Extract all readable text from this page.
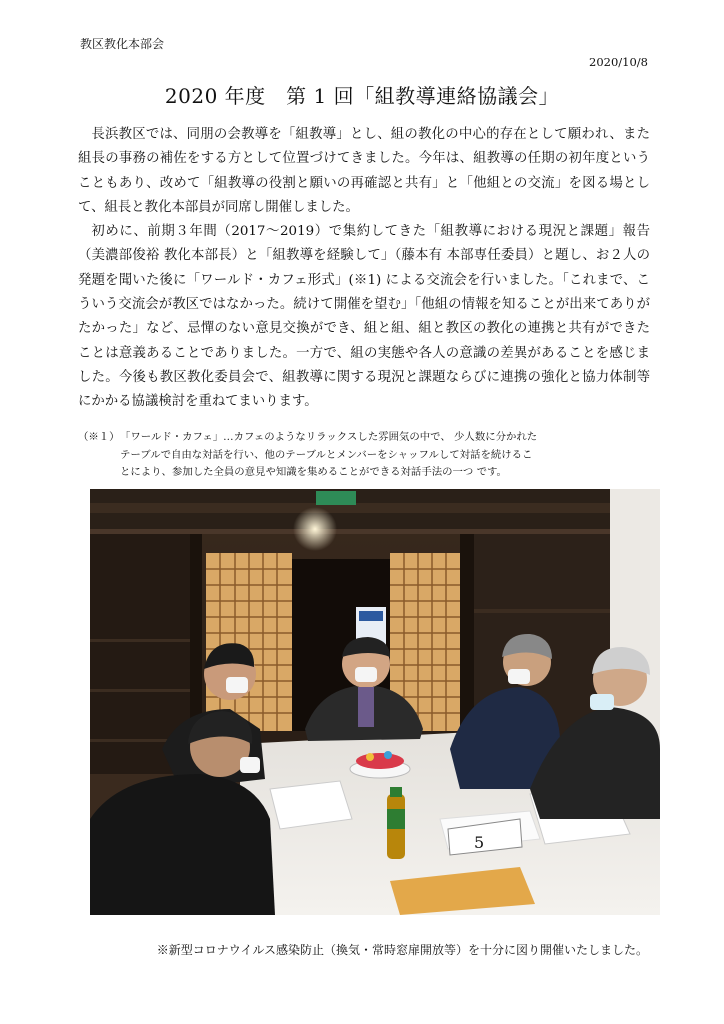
教区教化本部会
2020/10/8
2020 年度　第 1 回「組教導連絡協議会」

長浜教区では、同朋の会教導を「組教導」とし、組の教化の中心的存在として願われ、また組長の事務の補佐をする方として位置づけてきました。今年は、組教導の任期の初年度ということもあり、改めて「組教導の役割と願いの再確認と共有」と「他組との交流」を図る場として、組長と教化本部員が同席し開催しました。

初めに、前期３年間（2017〜2019）で集約してきた「組教導における現況と課題」報告（美濃部俊裕 教化本部長）と「組教導を経験して」（藤本有 本部専任委員）と題し、お２人の発題を聞いた後に「ワールド・カフェ形式」(※1) による交流会を行いました。「これまで、こういう交流会が教区ではなかった。続けて開催を望む」「他組の情報を知ることが出来てありがたかった」など、忌憚のない意見交換ができ、組と組、組と教区の教化の連携と共有ができたことは意義あることでありました。一方で、組の実態や各人の意識の差異があることを感じました。今後も教区教化委員会で、組教導に関する現況と課題ならびに連携の強化と協力体制等にかかる協議検討を重ねてまいります。

（※１） 「ワールド・カフェ」…カフェのようなリラックスした雰囲気の中で、 少人数に分かれた
テーブルで自由な対話を行い、他のテーブルとメンバーをシャッフルして対話を続けるこ
とにより、参加した全員の意見や知識を集めることができる対話手法の一つ です。
5
※新型コロナウイルス感染防止（換気・常時窓扉開放等）を十分に図り開催いたしました。
